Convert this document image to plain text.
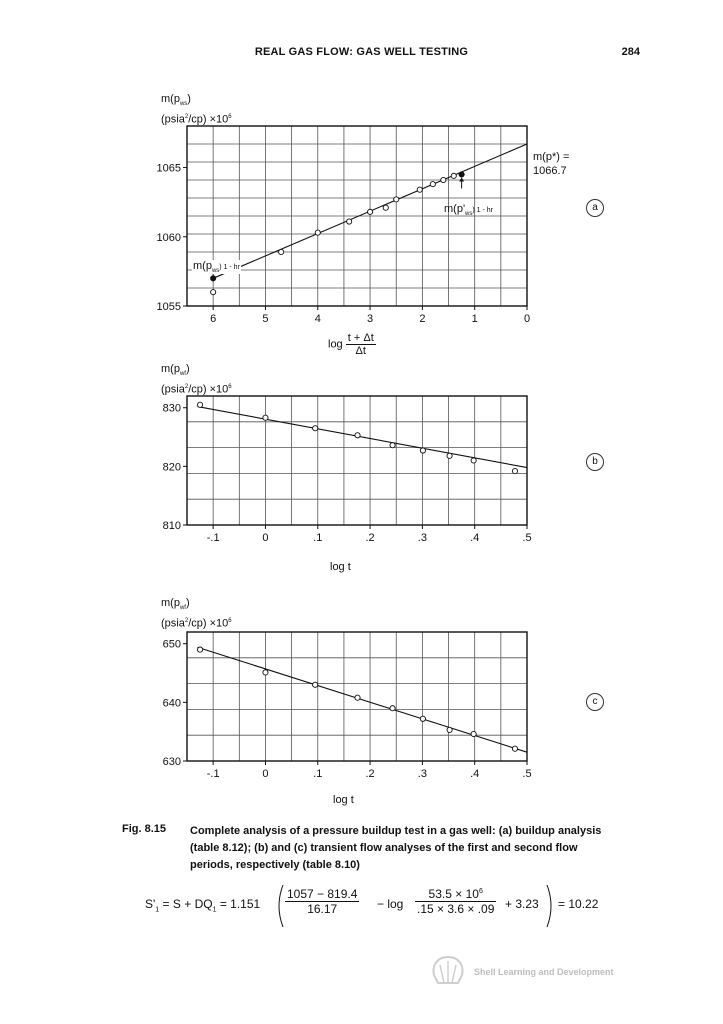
REAL GAS FLOW: GAS WELL TESTING	284
$m(p_{ws})$
(psia$^2$/cp) $\times 10^6$
6	5	4	3	2	1	0
1055
1060
1065
m(p*) =
1066.7
$m(p'_{ws})$ 1 - hr
$m(p_{ws})$ 1 - hr
$\log \frac{t + \Delta t}{\Delta t}$
$m(p_{wf})$
(psia$^2$/cp) $\times 10^6$
-.1	0	.1	.2	.3	.4	.5
810
820
830
log t
$m(p_{wf})$
(psia$^2$/cp) $\times 10^6$
-.1	0	.1	.2	.3	.4	.5
630
640
650
log t
Fig. 8.15 Complete analysis of a pressure buildup test in a gas well: (a) buildup analysis (table 8.12); (b) and (c) transient flow analyses of the first and second flow periods, respectively (table 8.10)
$S'_1 = S + DQ_1 = 1.151 \frac{1057 - 819.4}{16.17} - \log \frac{53.5 \times 10^6}{.15 \times 3.6 \times .09} + 3.23 = 10.22$
Shell Learning and Development
a
b
c
